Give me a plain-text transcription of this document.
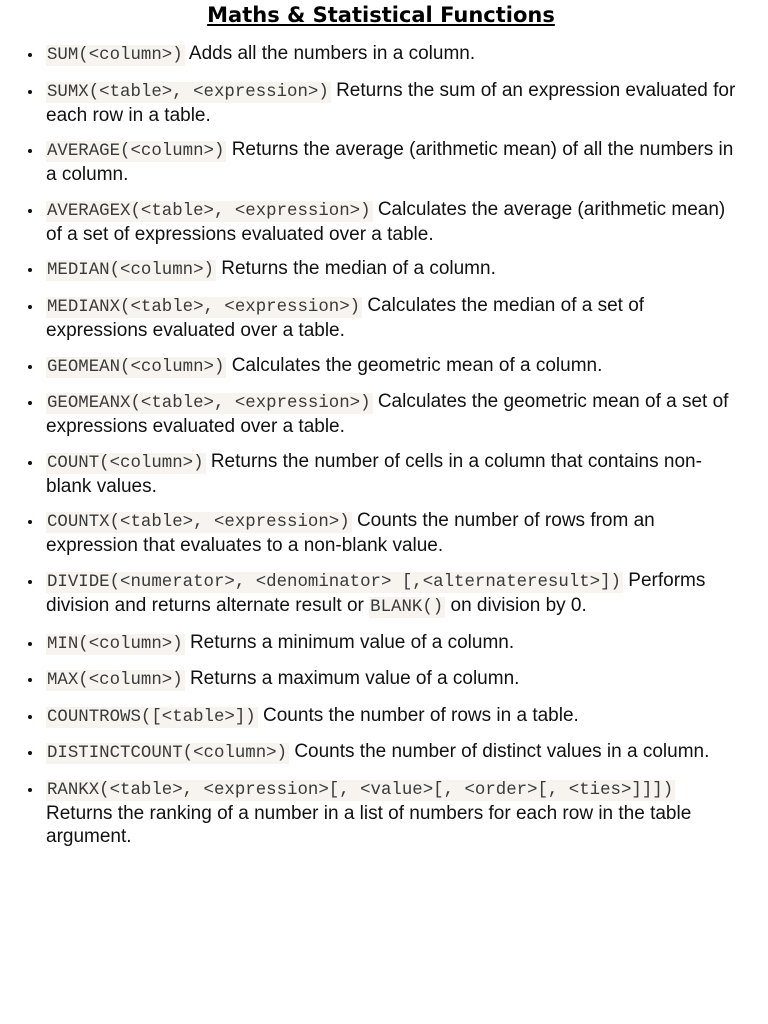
Maths & Statistical Functions
SUM(<column>) Adds all the numbers in a column.
SUMX(<table>, <expression>) Returns the sum of an expression evaluated for each row in a table.
AVERAGE(<column>) Returns the average (arithmetic mean) of all the numbers in a column.
AVERAGEX(<table>, <expression>) Calculates the average (arithmetic mean) of a set of expressions evaluated over a table.
MEDIAN(<column>) Returns the median of a column.
MEDIANX(<table>, <expression>) Calculates the median of a set of expressions evaluated over a table.
GEOMEAN(<column>) Calculates the geometric mean of a column.
GEOMEANX(<table>, <expression>) Calculates the geometric mean of a set of expressions evaluated over a table.
COUNT(<column>) Returns the number of cells in a column that contains non-blank values.
COUNTX(<table>, <expression>) Counts the number of rows from an expression that evaluates to a non-blank value.
DIVIDE(<numerator>, <denominator> [,<alternateresult>]) Performs division and returns alternate result or BLANK() on division by 0.
MIN(<column>) Returns a minimum value of a column.
MAX(<column>) Returns a maximum value of a column.
COUNTROWS([<table>]) Counts the number of rows in a table.
DISTINCTCOUNT(<column>) Counts the number of distinct values in a column.
RANKX(<table>, <expression>[, <value>[, <order>[, <ties>]]]) Returns the ranking of a number in a list of numbers for each row in the table argument.
